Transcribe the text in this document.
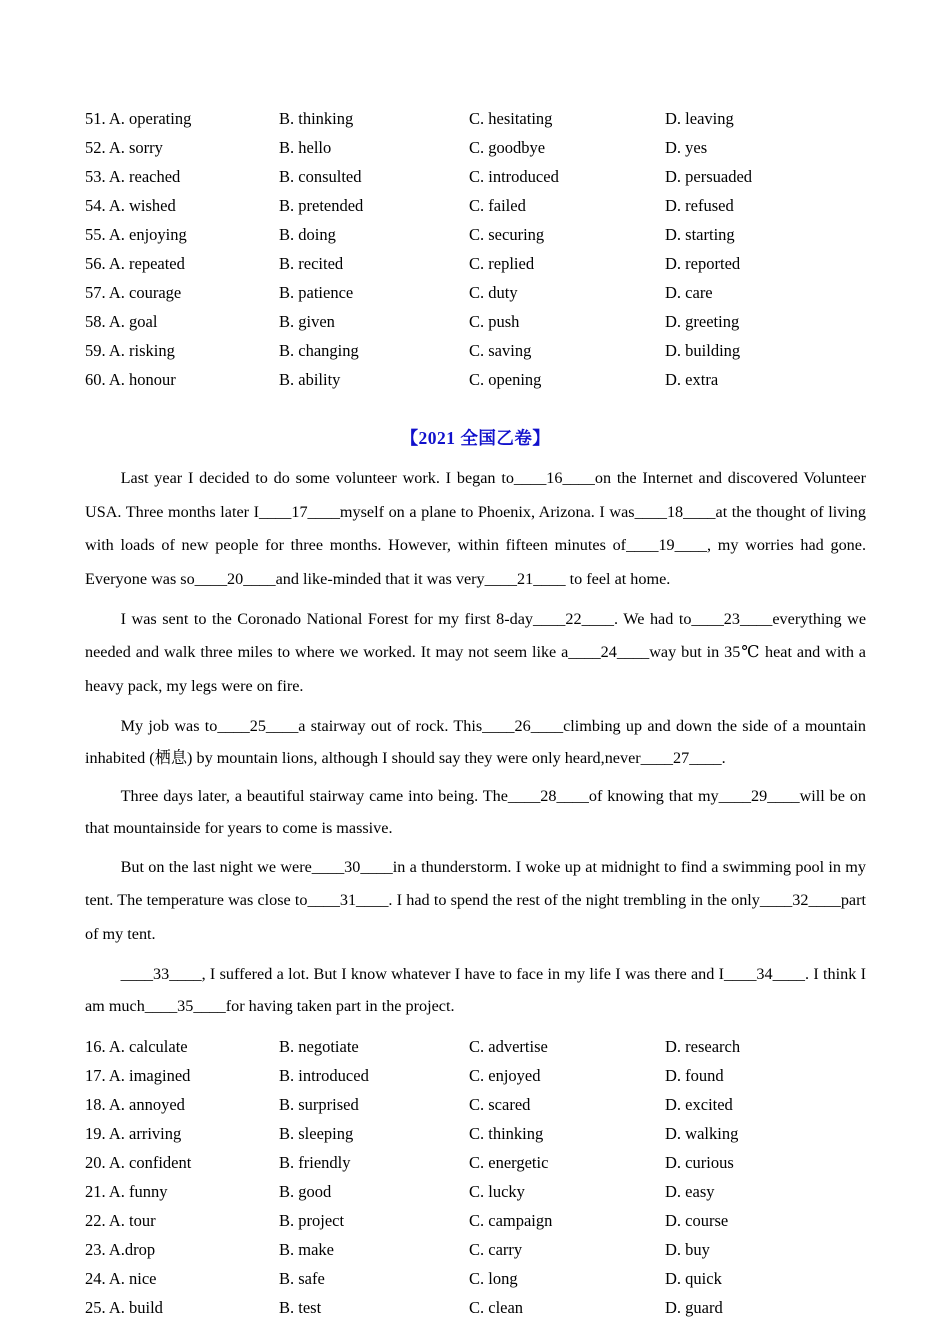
51. A. operating	B. thinking	C. hesitating	D. leaving
52. A. sorry	B. hello	C. goodbye	D. yes
53. A. reached	B. consulted	C. introduced	D. persuaded
54. A. wished	B. pretended	C. failed	D. refused
55. A. enjoying	B. doing	C. securing	D. starting
56. A. repeated	B. recited	C. replied	D. reported
57. A. courage	B. patience	C. duty	D. care
58. A. goal	B. given	C. push	D. greeting
59. A. risking	B. changing	C. saving	D. building
60. A. honour	B. ability	C. opening	D. extra
【2021 全国乙卷】

Last year I decided to do some volunteer work. I began to____16____on the Internet and discovered Volunteer USA. Three months later I____17____myself on a plane to Phoenix, Arizona. I was____18____at the thought of living with loads of new people for three months. However, within fifteen minutes of____19____, my worries had gone. Everyone was so____20____and like-minded that it was very____21____ to feel at home.

I was sent to the Coronado National Forest for my first 8-day____22____. We had to____23____everything we needed and walk three miles to where we worked. It may not seem like a____24____way but in 35℃ heat and with a heavy pack, my legs were on fire.

My job was to____25____a stairway out of rock. This____26____climbing up and down the side of a mountain inhabited (栖息) by mountain lions, although I should say they were only heard,never____27____.

Three days later, a beautiful stairway came into being. The____28____of knowing that my____29____will be on that mountainside for years to come is massive.

But on the last night we were____30____in a thunderstorm. I woke up at midnight to find a swimming pool in my tent. The temperature was close to____31____. I had to spend the rest of the night trembling in the only____32____part of my tent.

____33____, I suffered a lot. But I know whatever I have to face in my life I was there and I____34____. I think I am much____35____for having taken part in the project.

16. A. calculate	B. negotiate	C. advertise	D. research
17. A. imagined	B. introduced	C. enjoyed	D. found
18. A. annoyed	B. surprised	C. scared	D. excited
19. A. arriving	B. sleeping	C. thinking	D. walking
20. A. confident	B. friendly	C. energetic	D. curious
21. A. funny	B. good	C. lucky	D. easy
22. A. tour	B. project	C. campaign	D. course
23. A.drop	B. make	C. carry	D. buy
24. A. nice	B. safe	C. long	D. quick
25. A. build	B. test	C. clean	D. guard
